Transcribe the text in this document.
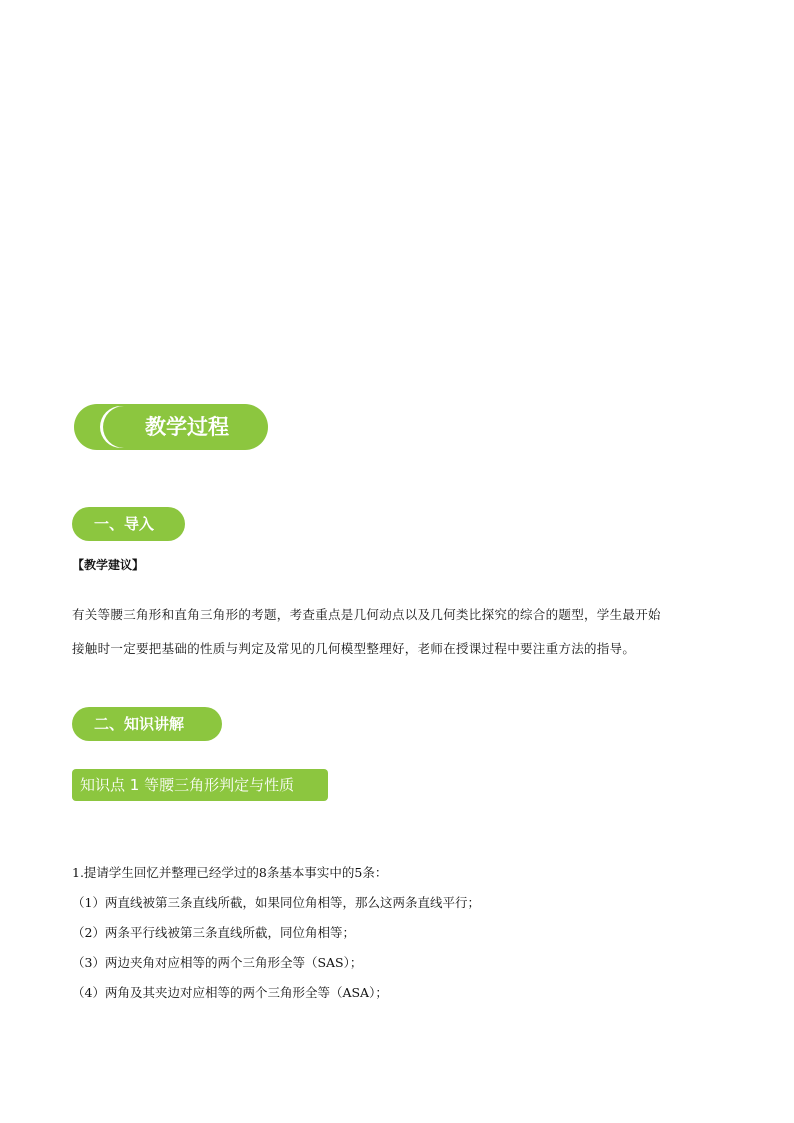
教学过程
一、导入
【教学建议】
有关等腰三角形和直角三角形的考题，考查重点是几何动点以及几何类比探究的综合的题型，学生最开始
接触时一定要把基础的性质与判定及常见的几何模型整理好，老师在授课过程中要注重方法的指导。
二、知识讲解
知识点 1 等腰三角形判定与性质
1.提请学生回忆并整理已经学过的8条基本事实中的5条：
（1）两直线被第三条直线所截，如果同位角相等，那么这两条直线平行；
（2）两条平行线被第三条直线所截，同位角相等；
（3）两边夹角对应相等的两个三角形全等（SAS）；
（4）两角及其夹边对应相等的两个三角形全等（ASA）；
